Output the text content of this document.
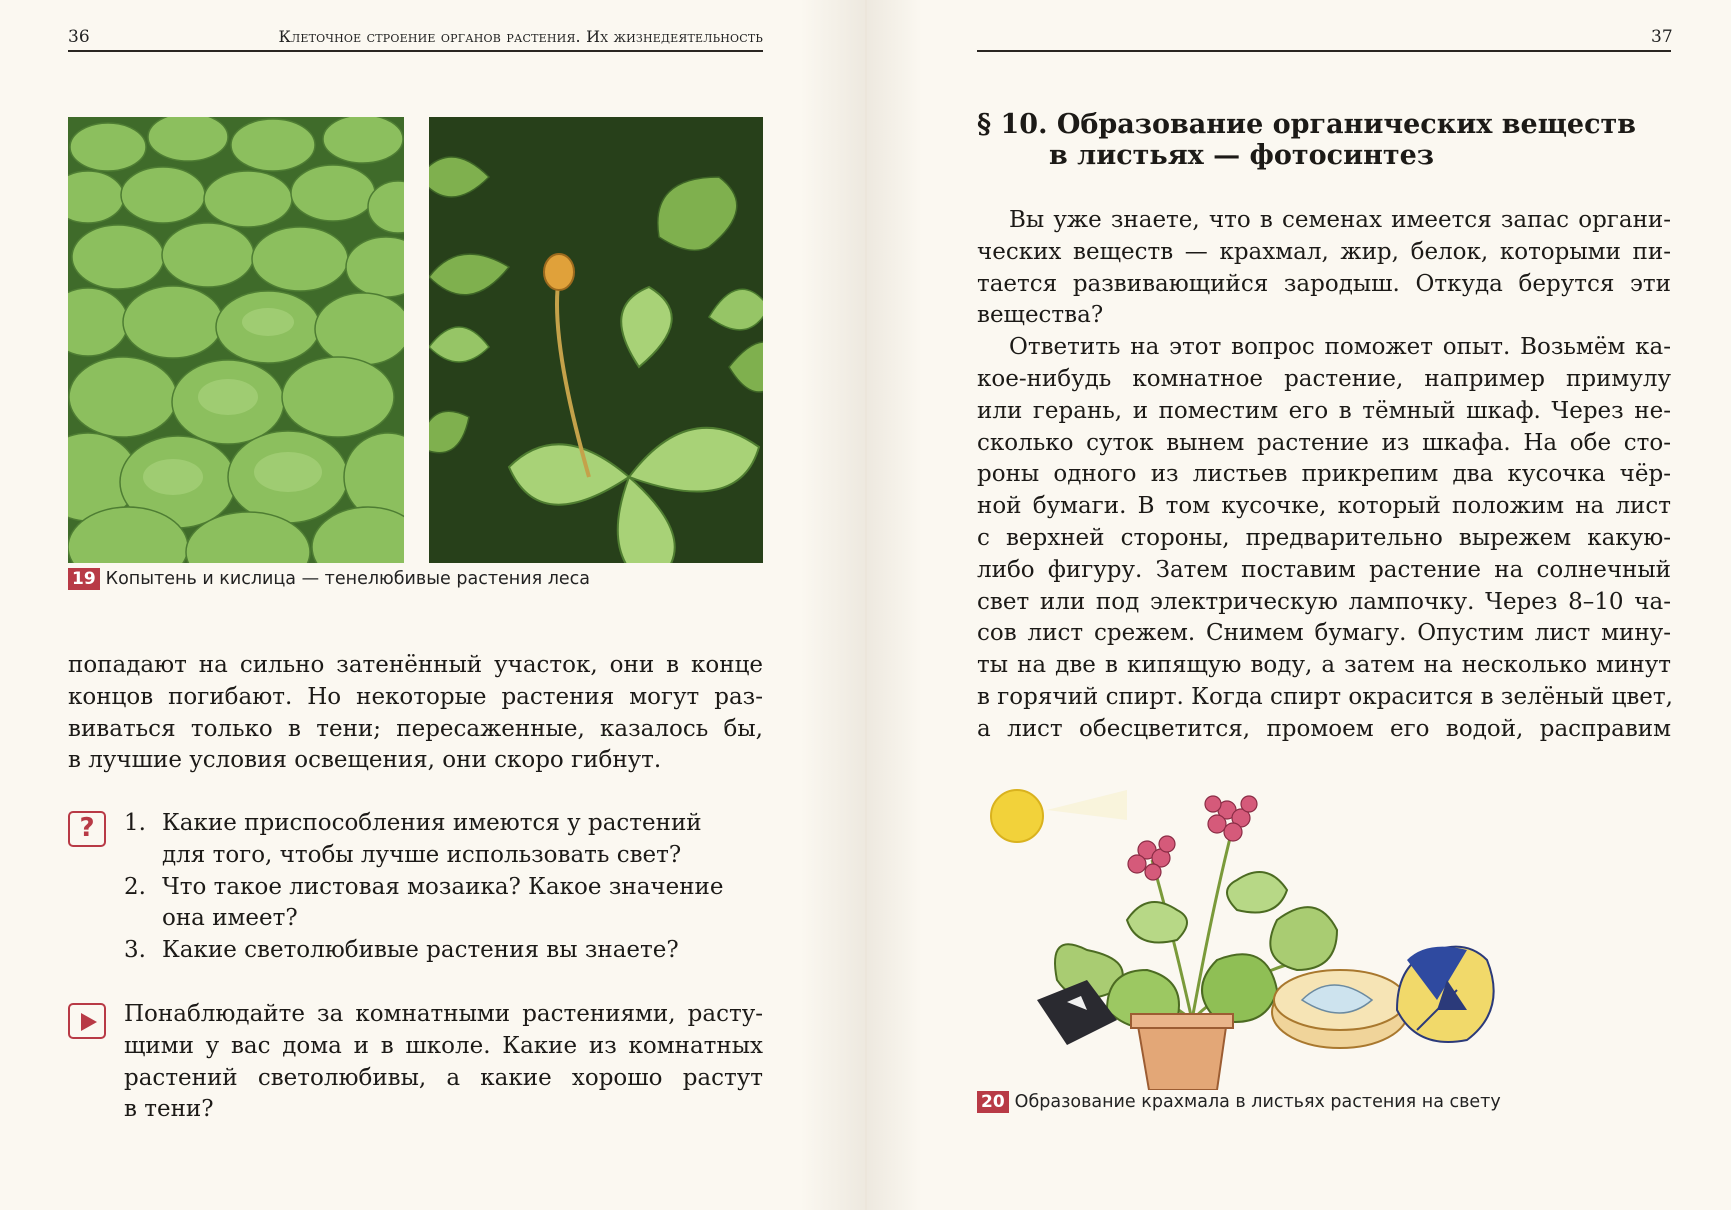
36	Клеточное строение органов растения. Их жизнедеятельность
19 Копытень и кислица — тенелюбивые растения леса
попадают на сильно затенённый участок, они в конце
концов погибают. Но некоторые растения могут раз-
виваться только в тени; пересаженные, казалось бы,
в лучшие условия освещения, они скоро гибнут.
?	1. Какие приспособления имеются у растений
для того, чтобы лучше использовать свет?
2. Что такое листовая мозаика? Какое значение
она имеет?
3. Какие светолюбивые растения вы знаете?
Понаблюдайте за комнатными растениями, расту-
щими у вас дома и в школе. Какие из комнатных
растений светолюбивы, а какие хорошо растут
в тени?
37
§ 10. Образование органических веществ
в листьях — фотосинтез
Вы уже знаете, что в семенах имеется запас органи-
ческих веществ — крахмал, жир, белок, которыми пи-
тается развивающийся зародыш. Откуда берутся эти
вещества?
Ответить на этот вопрос поможет опыт. Возьмём ка-
кое-нибудь комнатное растение, например примулу
или герань, и поместим его в тёмный шкаф. Через не-
сколько суток вынем растение из шкафа. На обе сто-
роны одного из листьев прикрепим два кусочка чёр-
ной бумаги. В том кусочке, который положим на лист
с верхней стороны, предварительно вырежем какую-
либо фигуру. Затем поставим растение на солнечный
свет или под электрическую лампочку. Через 8–10 ча-
сов лист срежем. Снимем бумагу. Опустим лист мину-
ты на две в кипящую воду, а затем на несколько минут
в горячий спирт. Когда спирт окрасится в зелёный цвет,
а лист обесцветится, промоем его водой, расправим
20 Образование крахмала в листьях растения на свету
